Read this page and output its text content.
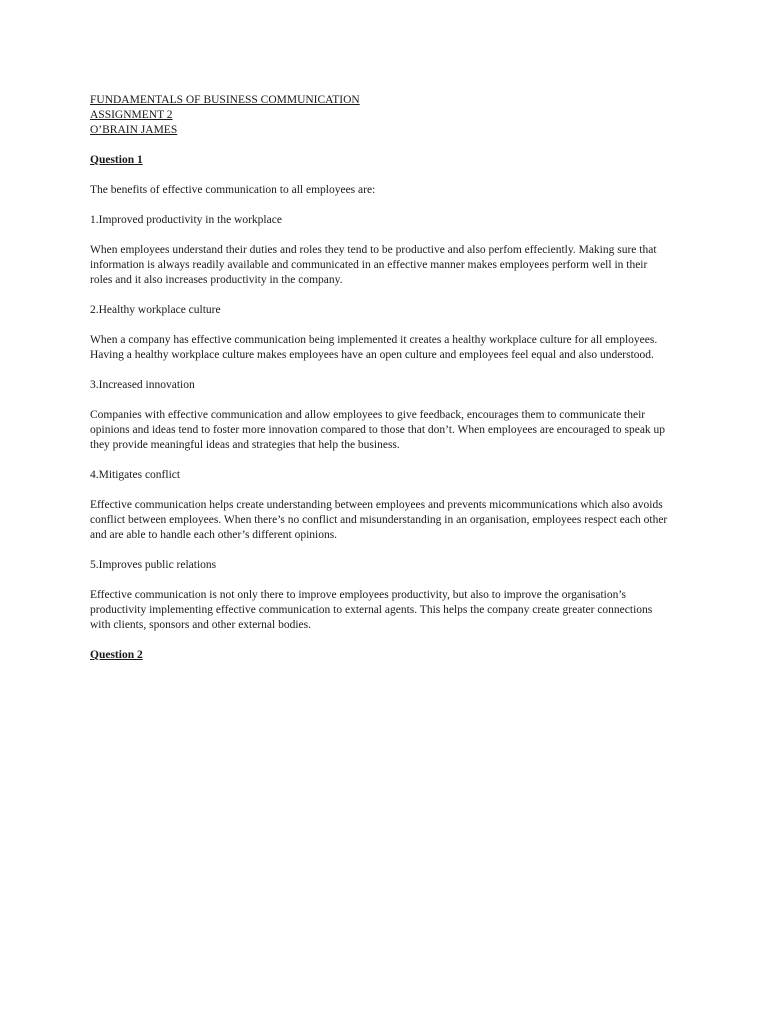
FUNDAMENTALS OF BUSINESS COMMUNICATION
ASSIGNMENT 2
O’BRAIN JAMES
Question 1

The benefits of effective communication to all employees are:

1.Improved productivity in the workplace

When employees understand their duties and roles they tend to be productive and also perfom effeciently. Making sure that information is always readily available and communicated in an effective manner makes employees perform well in their roles and it also increases productivity in the company.

2.Healthy workplace culture

When a company has effective communication being implemented it creates a healthy workplace culture for all employees. Having a healthy workplace culture makes employees have an open culture and employees feel equal and also understood.

3.Increased innovation

Companies with effective communication and allow employees to give feedback, encourages them to communicate their opinions and ideas tend to foster more innovation compared to those that don’t. When employees are encouraged to speak up they provide meaningful ideas and strategies that help the business.

4.Mitigates conflict

Effective communication helps create understanding between employees and prevents micommunications which also avoids conflict between employees. When there’s no conflict and misunderstanding in an organisation, employees respect each other and are able to handle each other’s different opinions.

5.Improves public relations

Effective communication is not only there to improve employees productivity, but also to improve the organisation’s productivity implementing effective communication to external agents. This helps the company create greater connections with clients, sponsors and other external bodies.

Question 2
